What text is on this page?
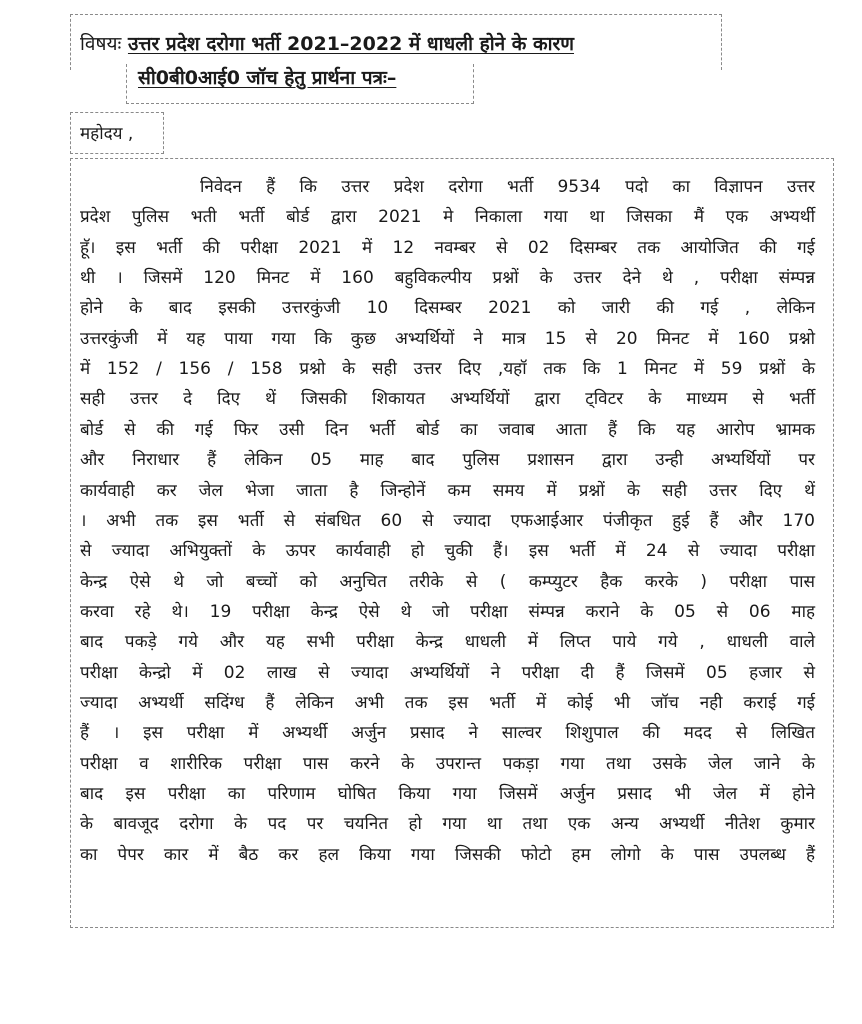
विषयः उत्तर प्रदेश दरोगा भर्ती 2021–2022 में धाधली होने के कारण
सी0बी0आई0 जॉच हेतु प्रार्थना पत्रः–
महोदय ,
निवेदन हैं कि उत्तर प्रदेश दरोगा भर्ती 9534 पदो का विज्ञापन उत्तर
प्रदेश पुलिस भती भर्ती बोर्ड द्वारा 2021 मे निकाला गया था जिसका मैं एक अभ्यर्थी
हूॅ। इस भर्ती की परीक्षा 2021 में 12 नवम्बर से 02 दिसम्बर तक आयोजित की गई
थी । जिसमें 120 मिनट में 160 बहुविकल्पीय प्रश्नों के उत्तर देने थे , परीक्षा संम्पन्न
होने के बाद इसकी उत्तरकुंजी 10 दिसम्बर 2021 को जारी की गई , लेकिन
उत्तरकुंजी में यह पाया गया कि कुछ अभ्यर्थियों ने मात्र 15 से 20 मिनट में 160 प्रश्नो
में 152 / 156 / 158 प्रश्नो के सही उत्तर दिए ,यहॉ तक कि 1 मिनट में 59 प्रश्नों के
सही उत्तर दे दिए थें जिसकी शिकायत अभ्यर्थियों द्वारा ट्विटर के माध्यम से भर्ती
बोर्ड से की गई फिर उसी दिन भर्ती बोर्ड का जवाब आता हैं कि यह आरोप भ्रामक
और निराधार हैं लेकिन 05 माह बाद पुलिस प्रशासन द्वारा उन्ही अभ्यर्थियों पर
कार्यवाही कर जेल भेजा जाता है जिन्होनें कम समय में प्रश्नों के सही उत्तर दिए थें
। अभी तक इस भर्ती से संबधित 60 से ज्यादा एफआईआर पंजीकृत हुई हैं और 170
से ज्यादा अभियुक्तों के ऊपर कार्यवाही हो चुकी हैं। इस भर्ती में 24 से ज्यादा परीक्षा
केन्द्र ऐसे थे जो बच्चों को अनुचित तरीके से ( कम्प्युटर हैक करके ) परीक्षा पास
करवा रहे थे। 19 परीक्षा केन्द्र ऐसे थे जो परीक्षा संम्पन्न कराने के 05 से 06 माह
बाद पकड़े गये और यह सभी परीक्षा केन्द्र धाधली में लिप्त पाये गये , धाधली वाले
परीक्षा केन्द्रो में 02 लाख से ज्यादा अभ्यर्थियों ने परीक्षा दी हैं जिसमें 05 हजार से
ज्यादा अभ्यर्थी सदिंग्ध हैं लेकिन अभी तक इस भर्ती में कोई भी जॉच नही कराई गई
हैं । इस परीक्षा में अभ्यर्थी अर्जुन प्रसाद ने साल्वर शिशुपाल की मदद से लिखित
परीक्षा व शारीरिक परीक्षा पास करने के उपरान्त पकड़ा गया तथा उसके जेल जाने के
बाद इस परीक्षा का परिणाम घोषित किया गया जिसमें अर्जुन प्रसाद भी जेल में होने
के बावजूद दरोगा के पद पर चयनित हो गया था तथा एक अन्य अभ्यर्थी नीतेश कुमार
का पेपर कार में बैठ कर हल किया गया जिसकी फोटो हम लोगो के पास उपलब्ध हैं
